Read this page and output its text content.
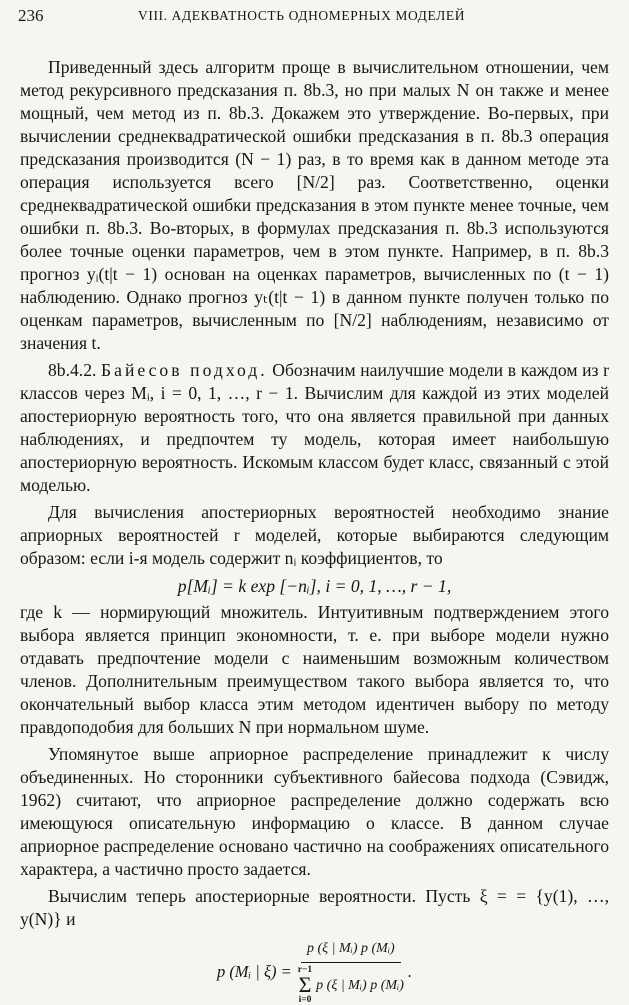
236	VIII. АДЕКВАТНОСТЬ ОДНОМЕРНЫХ МОДЕЛЕЙ

Приведенный здесь алгоритм проще в вычислительном отношении, чем метод рекурсивного предсказания п. 8b.3, но при малых N он также и менее мощный, чем метод из п. 8b.3. Докажем это утверждение. Во-первых, при вычислении среднеквадратической ошибки предсказания в п. 8b.3 операция предсказания производится (N − 1) раз, в то время как в данном методе эта операция используется всего [N/2] раз. Соответственно, оценки среднеквадратической ошибки предсказания в этом пункте менее точные, чем ошибки п. 8b.3. Во-вторых, в формулах предсказания п. 8b.3 используются более точные оценки параметров, чем в этом пункте. Например, в п. 8b.3 прогноз yᵢ(t|t − 1) основан на оценках параметров, вычисленных по (t − 1) наблюдению. Однако прогноз yₜ(t|t − 1) в данном пункте получен только по оценкам параметров, вычисленным по [N/2] наблюдениям, независимо от значения t.

8b.4.2. Байесов подход. Обозначим наилучшие модели в каждом из r классов через Mᵢ, i = 0, 1, …, r − 1. Вычислим для каждой из этих моделей апостериорную вероятность того, что она является правильной при данных наблюдениях, и предпочтем ту модель, которая имеет наибольшую апостериорную вероятность. Искомым классом будет класс, связанный с этой моделью.

Для вычисления апостериорных вероятностей необходимо знание априорных вероятностей r моделей, которые выбираются следующим образом: если i-я модель содержит nᵢ коэффициентов, то

p[Mᵢ] = k exp [−nᵢ], i = 0, 1, …, r − 1,

где k — нормирующий множитель. Интуитивным подтверждением этого выбора является принцип экономности, т. е. при выборе модели нужно отдавать предпочтение модели с наименьшим возможным количеством членов. Дополнительным преимуществом такого выбора является то, что окончательный выбор класса этим методом идентичен выбору по методу правдоподобия для больших N при нормальном шуме.

Упомянутое выше априорное распределение принадлежит к числу объединенных. Но сторонники субъективного байесова подхода (Сэвидж, 1962) считают, что априорное распределение должно содержать всю имеющуюся описательную информацию о классе. В данном случае априорное распределение основано частично на соображениях описательного характера, а частично просто задается.

Вычислим теперь апостериорные вероятности. Пусть ξ = = {y(1), …, y(N)} и

p (Mᵢ | ξ) =
p (ξ | Mᵢ) p (Mᵢ)
r−1
Σ
i=0
p (ξ | Mᵢ) p (Mᵢ)
.
